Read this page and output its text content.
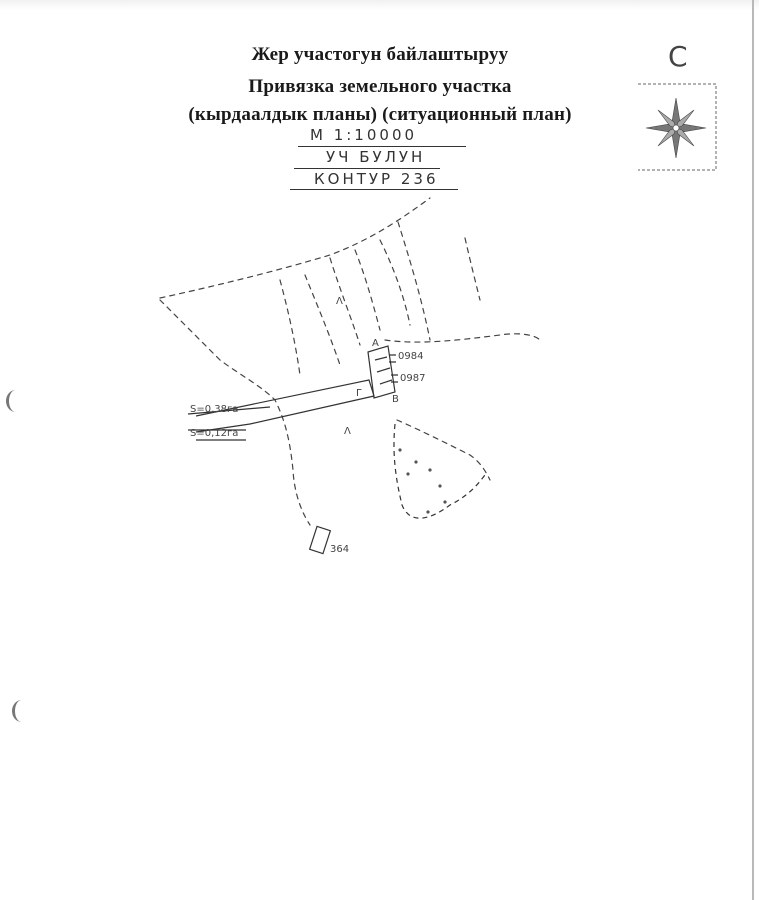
Жер участогун байлаштыруу
Привязка земельного участка
(кырдаалдык планы) (ситуационный план)
М 1:10000
УЧ БУЛУН
КОНТУР 236
С
А
В
Г
0984
0987
S=0,38га
S=0,12га
364
Λ
Λ
